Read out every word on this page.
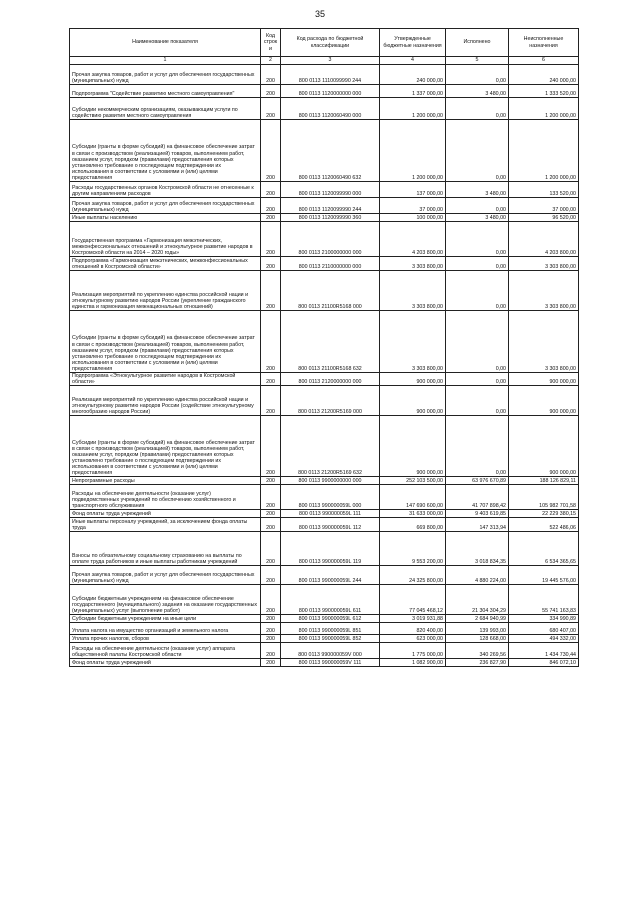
35
Наименование показателя	Код строк и	Код расхода по бюджетной классификации	Утвержденные бюджетные назначения	Исполнено	Неисполненные назначения
1	2	3	4	5	6
Прочая закупка товаров, работ и услуг для обеспечения государственных (муниципальных) нужд	200	800 0113 1110099990 244	240 000,00	0,00	240 000,00
Подпрограмма "Содействие развитию местного самоуправления"	200	800 0113 1120000000 000	1 337 000,00	3 480,00	1 333 520,00
Субсидии некоммерческим организациям, оказывающим услуги по содействию развития местного самоуправления	200	800 0113 1120060490 000	1 200 000,00	0,00	1 200 000,00
Субсидии (гранты в форме субсидий) на финансовое обеспечение затрат в связи с производством (реализацией) товаров, выполнением работ, оказанием услуг, порядком (правилами) предоставления которых установлено требование о последующем подтверждении их использования в соответствии с условиями и (или) целями предоставления	200	800 0113 1120060490 632	1 200 000,00	0,00	1 200 000,00
Расходы государственных органов Костромской области не отнесенные к другим направлениям расходов	200	800 0113 1120099990 000	137 000,00	3 480,00	133 520,00
Прочая закупка товаров, работ и услуг для обеспечения государственных (муниципальных) нужд	200	800 0113 1120099990 244	37 000,00	0,00	37 000,00
Иные выплаты населению	200	800 0113 1120099990 360	100 000,00	3 480,00	96 520,00
Государственная программа «Гармонизация межэтнических, межконфессиональных отношений и этнокультурное развитие народов в Костромской области на 2014 – 2020 годы»	200	800 0113 2100000000 000	4 203 800,00	0,00	4 203 800,00
Подпрограмма «Гармонизация межэтнических, межконфессиональных отношений в Костромской области»	200	800 0113 2110000000 000	3 303 800,00	0,00	3 303 800,00
Реализация мероприятий по укреплению единства российской нации и этнокультурному развитию народов России (укрепление гражданского единства и гармонизация межнациональных отношений)	200	800 0113 21100R5168 000	3 303 800,00	0,00	3 303 800,00
Субсидии (гранты в форме субсидий) на финансовое обеспечение затрат в связи с производством (реализацией) товаров, выполнением работ, оказанием услуг, порядком (правилами) предоставления которых установлено требование о последующем подтверждении их использования в соответствии с условиями и (или) целями предоставления	200	800 0113 21100R5168 632	3 303 800,00	0,00	3 303 800,00
Подпрограмма «Этнокультурное развитие народов в Костромской области»	200	800 0113 2120000000 000	900 000,00	0,00	900 000,00
Реализация мероприятий по укреплению единства российской нации и этнокультурному развитию народов России (содействие этнокультурному многообразию народов России)	200	800 0113 21200R5169 000	900 000,00	0,00	900 000,00
Субсидии (гранты в форме субсидий) на финансовое обеспечение затрат в связи с производством (реализацией) товаров, выполнением работ, оказанием услуг, порядком (правилами) предоставления которых установлено требование о последующем подтверждении их использования в соответствии с условиями и (или) целями предоставления	200	800 0113 21200R5169 632	900 000,00	0,00	900 000,00
Непрограммные расходы	200	800 0113 9900000000 000	252 103 500,00	63 976 670,89	188 126 829,11
Расходы на обеспечение деятельности (оказание услуг) подведомственных учреждений по обеспечению хозяйственного и транспортного обслуживания	200	800 0113 990000059L 000	147 690 600,00	41 707 898,42	105 982 701,58
Фонд оплаты труда учреждений	200	800 0113 990000059L 111	31 633 000,00	9 403 619,85	22 229 380,15
Иные выплаты персоналу учреждений, за исключением фонда оплаты труда	200	800 0113 990000059L 112	669 800,00	147 313,94	522 486,06
Взносы по обязательному социальному страхованию на выплаты по оплате труда работников и иные выплаты работникам учреждений	200	800 0113 990000059L 119	9 553 200,00	3 018 834,35	6 534 365,65
Прочая закупка товаров, работ и услуг для обеспечения государственных (муниципальных) нужд	200	800 0113 990000059L 244	24 325 800,00	4 880 224,00	19 445 576,00
Субсидии бюджетным учреждениям на финансовое обеспечение государственного (муниципального) задания на оказание государственных (муниципальных) услуг (выполнение работ)	200	800 0113 990000059L 611	77 045 468,12	21 304 304,29	55 741 163,83
Субсидии бюджетным учреждениям на иные цели	200	800 0113 990000059L 612	3 019 931,88	2 684 940,99	334 990,89
Уплата налога на имущество организаций и земельного налога	200	800 0113 990000059L 851	820 400,00	139 993,00	680 407,00
Уплата прочих налогов, сборов	200	800 0113 990000059L 852	623 000,00	128 668,00	494 332,00
Расходы на обеспечение деятельности (оказание услуг) аппарата общественной палаты Костромской области	200	800 0113 990000059V 000	1 775 000,00	340 269,56	1 434 730,44
Фонд оплаты труда учреждений	200	800 0113 990000059V 111	1 082 900,00	236 827,90	846 072,10
